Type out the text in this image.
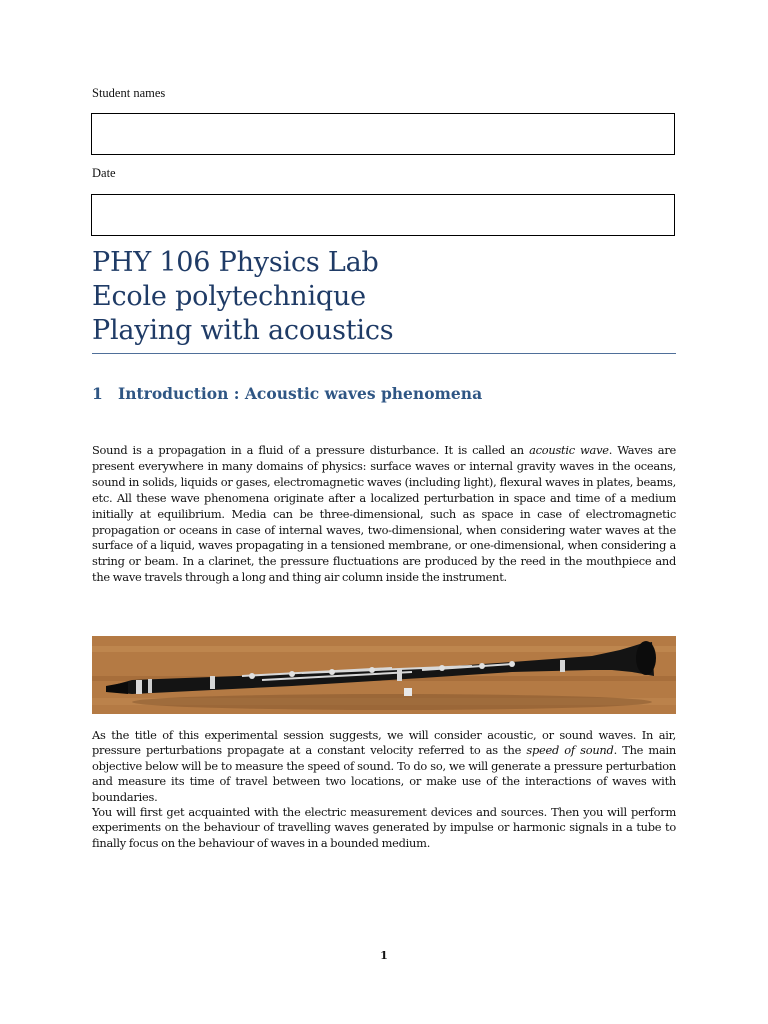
Student names
Date
PHY 106 Physics Lab
Ecole polytechnique
Playing with acoustics
1 Introduction : Acoustic waves phenomena
Sound is a propagation in a fluid of a pressure disturbance. It is called an acoustic wave. Waves are present everywhere in many domains of physics: surface waves or internal gravity waves in the oceans, sound in solids, liquids or gases, electromagnetic waves (including light), flexural waves in plates, beams, etc. All these wave phenomena originate after a localized perturbation in space and time of a medium initially at equilibrium. Media can be three-dimensional, such as space in case of electromagnetic propagation or oceans in case of internal waves, two-dimensional, when considering water waves at the surface of a liquid, waves propagating in a tensioned membrane, or one-dimensional, when considering a string or beam. In a clarinet, the pressure fluctuations are produced by the reed in the mouthpiece and the wave travels through a long and thing air column inside the instrument.
As the title of this experimental session suggests, we will consider acoustic, or sound waves. In air, pressure perturbations propagate at a constant velocity referred to as the speed of sound. The main objective below will be to measure the speed of sound. To do so, we will generate a pressure perturbation and measure its time of travel between two locations, or make use of the interactions of waves with boundaries.
You will first get acquainted with the electric measurement devices and sources. Then you will perform experiments on the behaviour of travelling waves generated by impulse or harmonic signals in a tube to finally focus on the behaviour of waves in a bounded medium.
1
